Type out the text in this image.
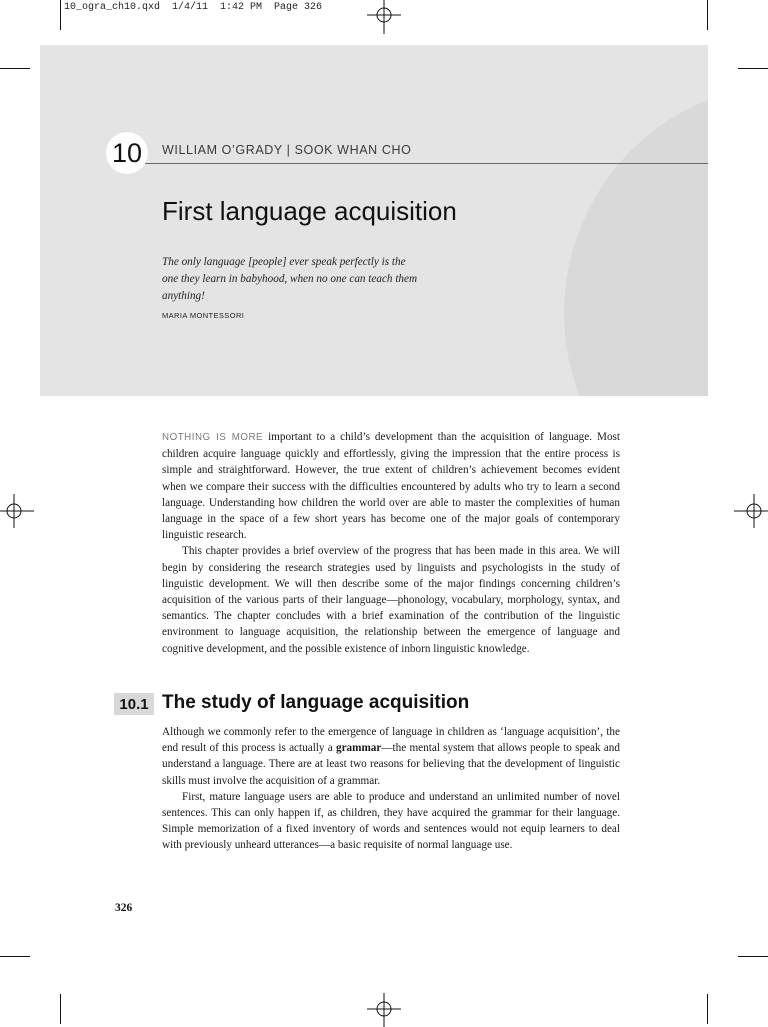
10_ogra_ch10.qxd  1/4/11  1:42 PM  Page 326
10	WILLIAM O’GRADY | SOOK WHAN CHO
First language acquisition
The only language [people] ever speak perfectly is the one they learn in babyhood, when no one can teach them anything!
MARIA MONTESSORI

NOTHING IS MORE important to a child’s development than the acquisition of language. Most children acquire language quickly and effortlessly, giving the impression that the entire process is simple and straightforward. However, the true extent of children’s achievement becomes evident when we compare their success with the difficulties encountered by adults who try to learn a second language. Understanding how children the world over are able to master the complexities of human language in the space of a few short years has become one of the major goals of contemporary linguistic research.

This chapter provides a brief overview of the progress that has been made in this area. We will begin by considering the research strategies used by linguists and psychologists in the study of linguistic development. We will then describe some of the major findings concerning children’s acquisition of the various parts of their language—phonology, vocabulary, morphology, syntax, and semantics. The chapter concludes with a brief examination of the contribution of the linguistic environment to language acquisition, the relationship between the emergence of language and cognitive development, and the possible existence of inborn linguistic knowledge.

10.1 The study of language acquisition

Although we commonly refer to the emergence of language in children as ‘language acquisition’, the end result of this process is actually a grammar—the mental system that allows people to speak and understand a language. There are at least two reasons for believing that the development of linguistic skills must involve the acquisition of a grammar.

First, mature language users are able to produce and understand an unlimited number of novel sentences. This can only happen if, as children, they have acquired the grammar for their language. Simple memorization of a fixed inventory of words and sentences would not equip learners to deal with previously unheard utterances—a basic requisite of normal language use.

326
